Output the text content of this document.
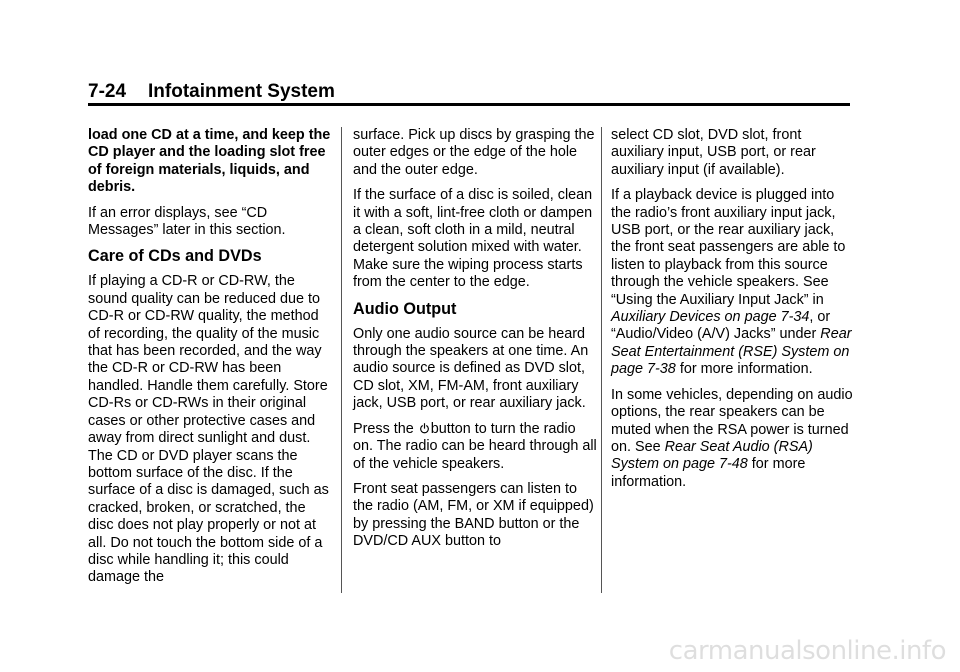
7-24 Infotainment System

load one CD at a time, and keep the CD player and the loading slot free of foreign materials, liquids, and debris.

If an error displays, see “CD Messages” later in this section.

Care of CDs and DVDs

If playing a CD-R or CD-RW, the sound quality can be reduced due to CD-R or CD-RW quality, the method of recording, the quality of the music that has been recorded, and the way the CD-R or CD-RW has been handled. Handle them carefully. Store CD-Rs or CD-RWs in their original cases or other protective cases and away from direct sunlight and dust. The CD or DVD player scans the bottom surface of the disc. If the surface of a disc is damaged, such as cracked, broken, or scratched, the disc does not play properly or not at all. Do not touch the bottom side of a disc while handling it; this could damage the

surface. Pick up discs by grasping the outer edges or the edge of the hole and the outer edge.

If the surface of a disc is soiled, clean it with a soft, lint-free cloth or dampen a clean, soft cloth in a mild, neutral detergent solution mixed with water. Make sure the wiping process starts from the center to the edge.

Audio Output

Only one audio source can be heard through the speakers at one time. An audio source is defined as DVD slot, CD slot, XM, FM-AM, front auxiliary jack, USB port, or rear auxiliary jack.

Press the button to turn the radio on. The radio can be heard through all of the vehicle speakers.

Front seat passengers can listen to the radio (AM, FM, or XM if equipped) by pressing the BAND button or the DVD/CD AUX button to

select CD slot, DVD slot, front auxiliary input, USB port, or rear auxiliary input (if available).

If a playback device is plugged into the radio’s front auxiliary input jack, USB port, or the rear auxiliary jack, the front seat passengers are able to listen to playback from this source through the vehicle speakers. See “Using the Auxiliary Input Jack” in Auxiliary Devices on page 7-34, or “Audio/Video (A/V) Jacks” under Rear Seat Entertainment (RSE) System on page 7-38 for more information.

In some vehicles, depending on audio options, the rear speakers can be muted when the RSA power is turned on. See Rear Seat Audio (RSA) System on page 7-48 for more information.

carmanualsonline.info
